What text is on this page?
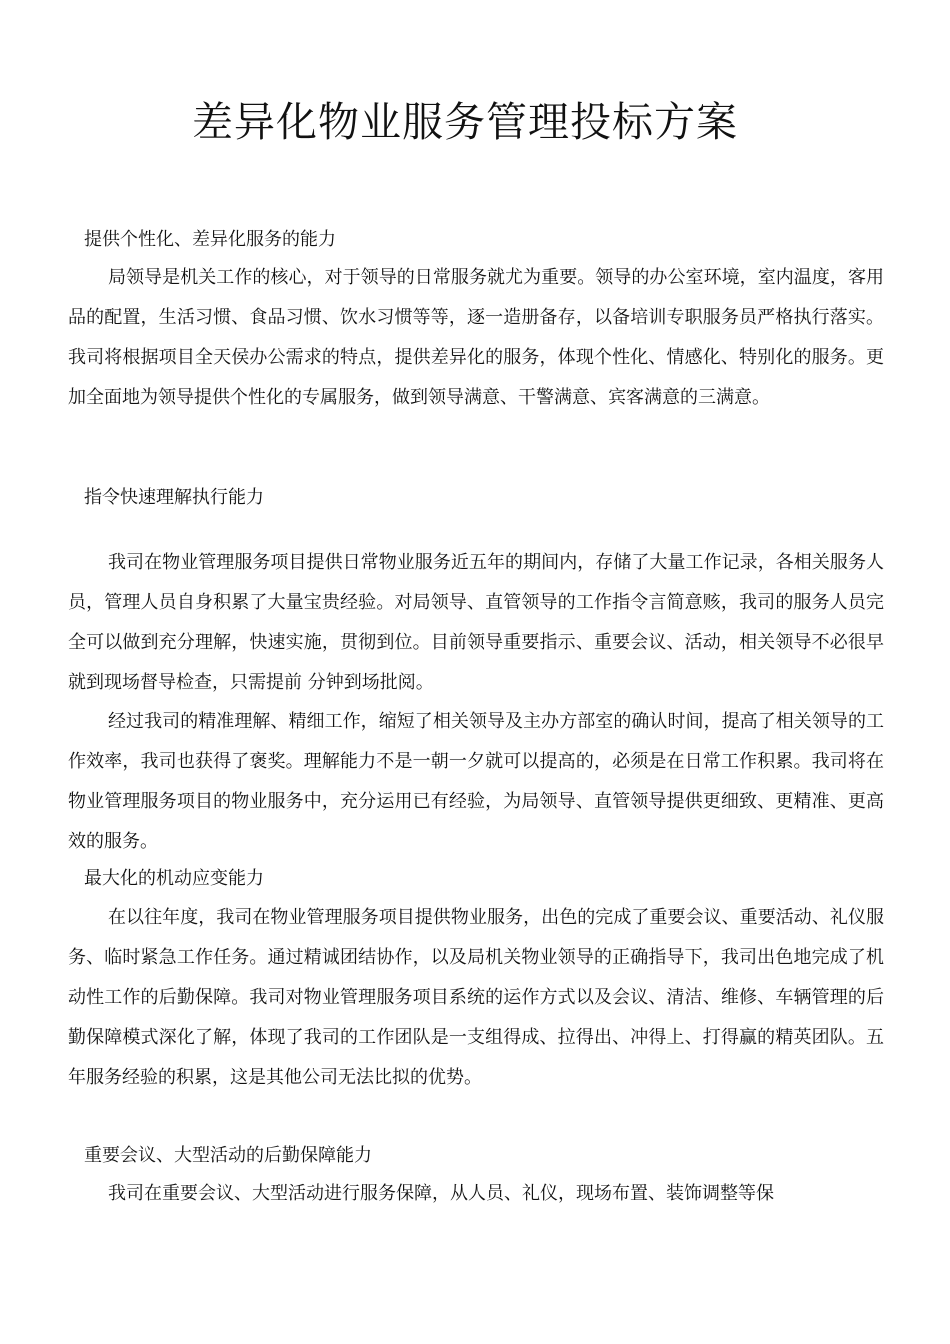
差异化物业服务管理投标方案
提供个性化、差异化服务的能力

局领导是机关工作的核心，对于领导的日常服务就尤为重要。领导的办公室环境，室内温度，客用品的配置，生活习惯、食品习惯、饮水习惯等等，逐一造册备存，以备培训专职服务员严格执行落实。我司将根据项目全天侯办公需求的特点，提供差异化的服务，体现个性化、情感化、特别化的服务。更加全面地为领导提供个性化的专属服务，做到领导满意、干警满意、宾客满意的三满意。

指令快速理解执行能力

我司在物业管理服务项目提供日常物业服务近五年的期间内，存储了大量工作记录，各相关服务人员，管理人员自身积累了大量宝贵经验。对局领导、直管领导的工作指令言简意赅，我司的服务人员完全可以做到充分理解，快速实施，贯彻到位。目前领导重要指示、重要会议、活动，相关领导不必很早就到现场督导检查，只需提前 分钟到场批阅。

经过我司的精准理解、精细工作，缩短了相关领导及主办方部室的确认时间，提高了相关领导的工作效率，我司也获得了褒奖。理解能力不是一朝一夕就可以提高的，必须是在日常工作积累。我司将在物业管理服务项目的物业服务中，充分运用已有经验，为局领导、直管领导提供更细致、更精准、更高效的服务。

最大化的机动应变能力

在以往年度，我司在物业管理服务项目提供物业服务，出色的完成了重要会议、重要活动、礼仪服务、临时紧急工作任务。通过精诚团结协作，以及局机关物业领导的正确指导下，我司出色地完成了机动性工作的后勤保障。我司对物业管理服务项目系统的运作方式以及会议、清洁、维修、车辆管理的后勤保障模式深化了解，体现了我司的工作团队是一支组得成、拉得出、冲得上、打得赢的精英团队。五年服务经验的积累，这是其他公司无法比拟的优势。

重要会议、大型活动的后勤保障能力

我司在重要会议、大型活动进行服务保障，从人员、礼仪，现场布置、装饰调整等保
